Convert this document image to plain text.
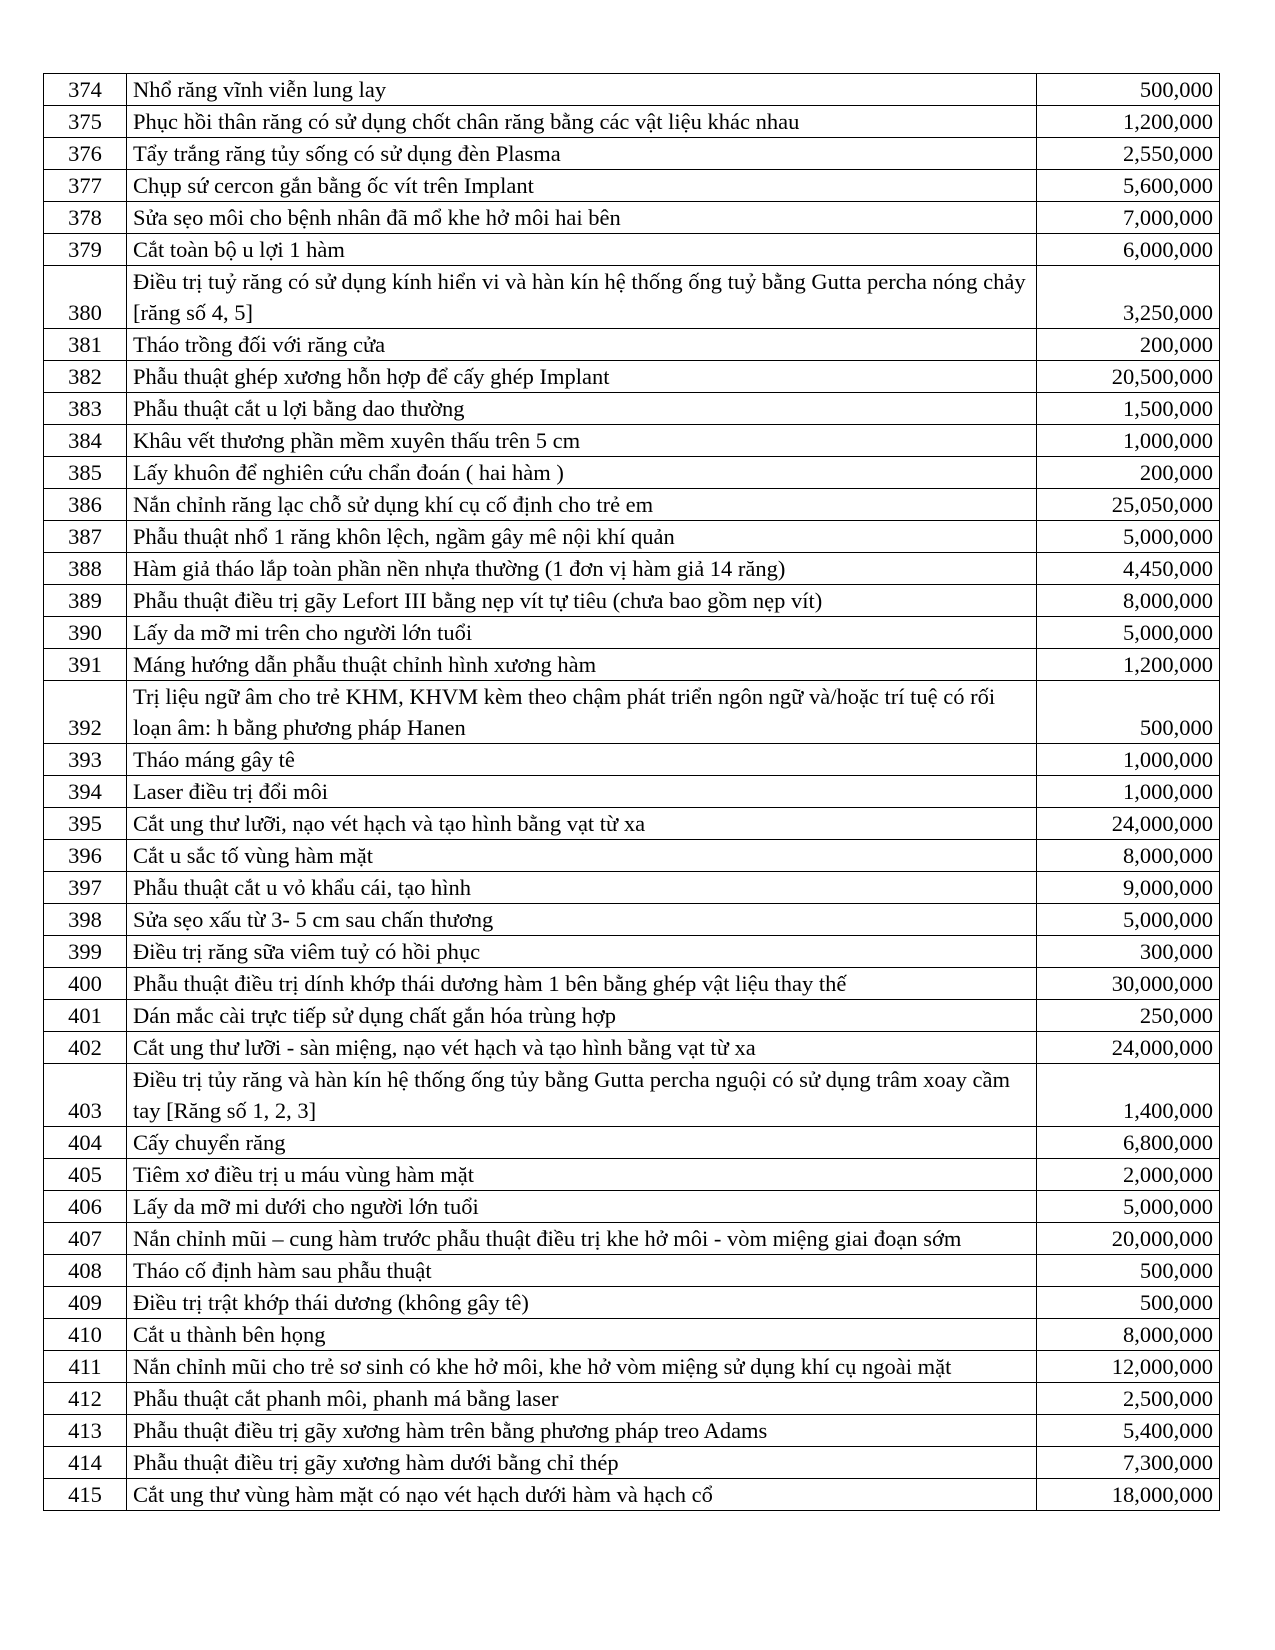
374	Nhổ răng vĩnh viễn lung lay	500,000
375	Phục hồi thân răng có sử dụng chốt chân răng bằng các vật liệu khác nhau	1,200,000
376	Tẩy trắng răng tủy sống có sử dụng đèn Plasma	2,550,000
377	Chụp sứ cercon gắn bằng ốc vít trên Implant	5,600,000
378	Sửa sẹo môi cho bệnh nhân đã mổ khe hở môi hai bên	7,000,000
379	Cắt toàn bộ u lợi 1 hàm	6,000,000
380	Điều trị tuỷ răng có sử dụng kính hiển vi và hàn kín hệ thống ống tuỷ bằng Gutta percha nóng chảy [răng số 4, 5]	3,250,000
381	Tháo trồng đối với răng cửa	200,000
382	Phẫu thuật ghép xương hỗn hợp để cấy ghép Implant	20,500,000
383	Phẫu thuật cắt u lợi bằng dao thường	1,500,000
384	Khâu vết thương phần mềm xuyên thấu trên 5 cm	1,000,000
385	Lấy khuôn để nghiên cứu chẩn đoán ( hai hàm )	200,000
386	Nắn chỉnh răng lạc chỗ sử dụng khí cụ cố định cho trẻ em	25,050,000
387	Phẫu thuật nhổ 1 răng khôn lệch, ngầm gây mê nội khí quản	5,000,000
388	Hàm giả tháo lắp toàn phần nền nhựa thường (1 đơn vị hàm giả 14 răng)	4,450,000
389	Phẫu thuật điều trị gãy Lefort III bằng nẹp vít tự tiêu (chưa bao gồm nẹp vít)	8,000,000
390	Lấy da mỡ mi trên cho người lớn tuổi	5,000,000
391	Máng hướng dẫn phẫu thuật chỉnh hình xương hàm	1,200,000
392	Trị liệu ngữ âm cho trẻ KHM, KHVM kèm theo chậm phát triển ngôn ngữ và/hoặc trí tuệ có rối loạn âm: h bằng phương pháp Hanen	500,000
393	Tháo máng gây tê	1,000,000
394	Laser điều trị đổi môi	1,000,000
395	Cắt ung thư lưỡi, nạo vét hạch và tạo hình bằng vạt từ xa	24,000,000
396	Cắt u sắc tố vùng hàm mặt	8,000,000
397	Phẫu thuật cắt u vỏ khẩu cái, tạo hình	9,000,000
398	Sửa sẹo xấu từ 3- 5 cm sau chấn thương	5,000,000
399	Điều trị răng sữa viêm tuỷ có hồi phục	300,000
400	Phẫu thuật điều trị dính khớp thái dương hàm 1 bên bằng ghép vật liệu thay thế	30,000,000
401	Dán mắc cài trực tiếp sử dụng chất gắn hóa trùng hợp	250,000
402	Cắt ung thư lưỡi - sàn miệng, nạo vét hạch và tạo hình bằng vạt từ xa	24,000,000
403	Điều trị tủy răng và hàn kín hệ thống ống tủy bằng Gutta percha nguội có sử dụng trâm xoay cầm tay [Răng số 1, 2, 3]	1,400,000
404	Cấy chuyển răng	6,800,000
405	Tiêm xơ điều trị u máu vùng hàm mặt	2,000,000
406	Lấy da mỡ mi dưới cho người lớn tuổi	5,000,000
407	Nắn chỉnh mũi – cung hàm trước phẫu thuật điều trị khe hở môi - vòm miệng giai đoạn sớm	20,000,000
408	Tháo cố định hàm sau phẫu thuật	500,000
409	Điều trị trật khớp thái dương (không gây tê)	500,000
410	Cắt u thành bên họng	8,000,000
411	Nắn chỉnh mũi cho trẻ sơ sinh có khe hở môi, khe hở vòm miệng sử dụng khí cụ ngoài mặt	12,000,000
412	Phẫu thuật cắt phanh môi, phanh má bằng laser	2,500,000
413	Phẫu thuật điều trị gãy xương hàm trên bằng phương pháp treo Adams	5,400,000
414	Phẫu thuật điều trị gãy xương hàm dưới bằng chỉ thép	7,300,000
415	Cắt ung thư vùng hàm mặt có nạo vét hạch dưới hàm và hạch cổ	18,000,000
